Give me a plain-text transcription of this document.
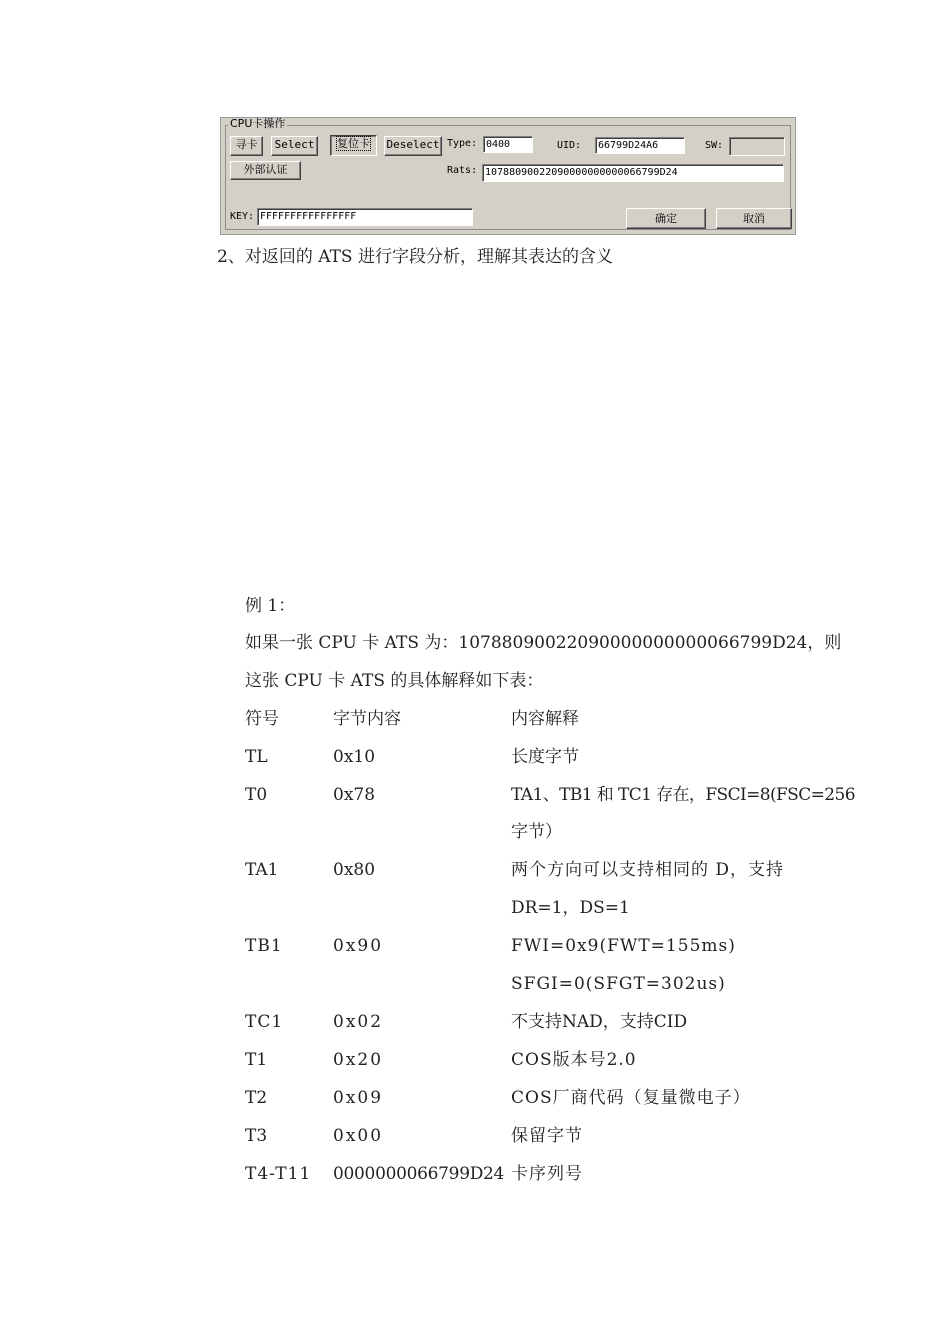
CPU卡操作
寻卡	Select	复位卡	Deselect Type: 0400	UID:	66799D24A6	SW:
外部认证	Rats: 10788090022090000000000066799D24
KEY: FFFFFFFFFFFFFFFF	确定	取消
2、对返回的 ATS 进行字段分析，理解其表达的含义
例 1：
如果一张 CPU 卡 ATS 为：10788090022090000000000066799D24，则
这张 CPU 卡 ATS 的具体解释如下表：
符号	字节内容	内容解释
TL	0x10	长度字节
T0	0x78	TA1、TB1 和 TC1 存在，FSCI=8(FSC=256
字节）
TA1	0x80	两个方向可以支持相同的 D，支持
DR=1，DS=1
TB1	0x90	FWI=0x9(FWT=155ms)
SFGI=0(SFGT=302us)
TC1	0x02	不支持NAD，支持CID
T1	0x20	COS版本号2.0
T2	0x09	COS厂商代码（复量微电子）
T3	0x00	保留字节
T4-T11 0000000066799D24 卡序列号
